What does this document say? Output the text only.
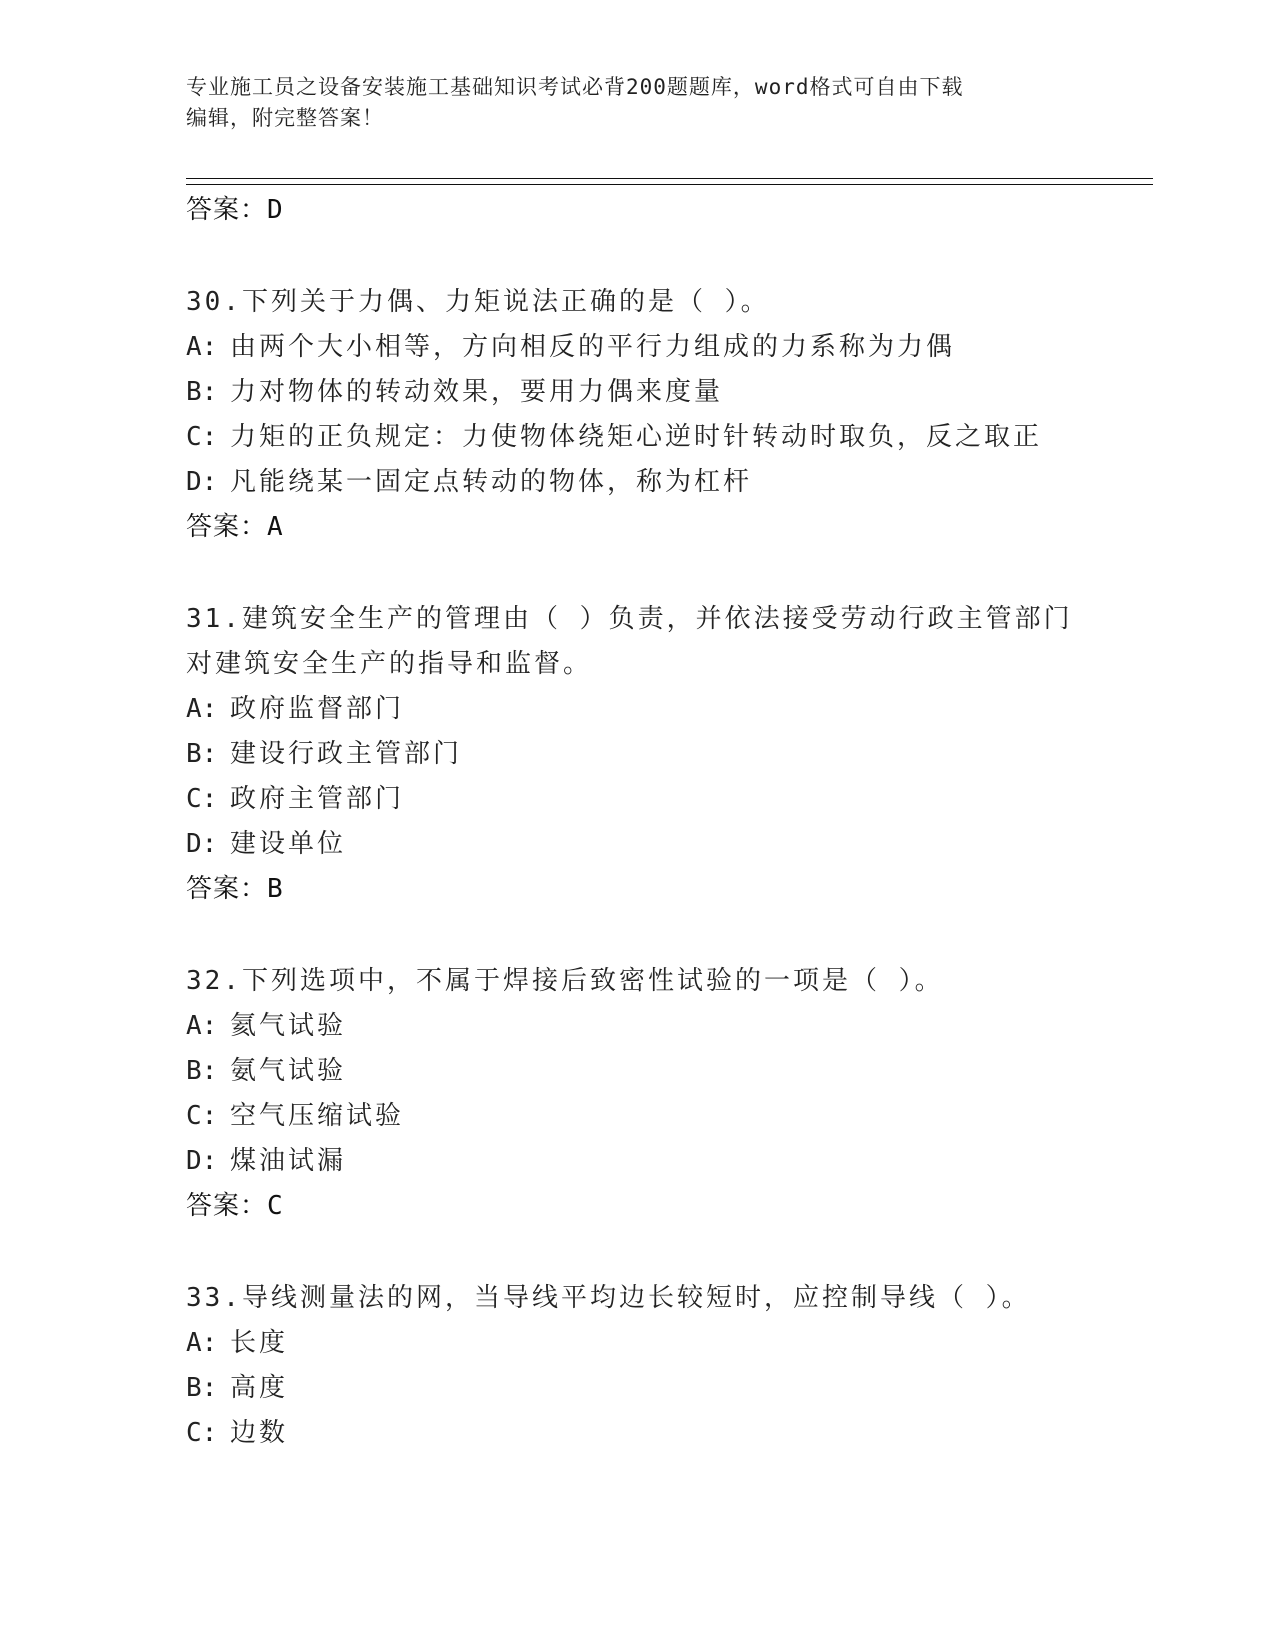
专业施工员之设备安装施工基础知识考试必背200题题库，word格式可自由下载
编辑，附完整答案！
答案：D
30.下列关于力偶、力矩说法正确的是（ ）。
A: 由两个大小相等，方向相反的平行力组成的力系称为力偶
B: 力对物体的转动效果，要用力偶来度量
C: 力矩的正负规定：力使物体绕矩心逆时针转动时取负，反之取正
D: 凡能绕某一固定点转动的物体，称为杠杆
答案：A
31.建筑安全生产的管理由（ ）负责，并依法接受劳动行政主管部门
对建筑安全生产的指导和监督。
A: 政府监督部门
B: 建设行政主管部门
C: 政府主管部门
D: 建设单位
答案：B
32.下列选项中，不属于焊接后致密性试验的一项是（ ）。
A: 氦气试验
B: 氨气试验
C: 空气压缩试验
D: 煤油试漏
答案：C
33.导线测量法的网，当导线平均边长较短时，应控制导线（ ）。
A: 长度
B: 高度
C: 边数
